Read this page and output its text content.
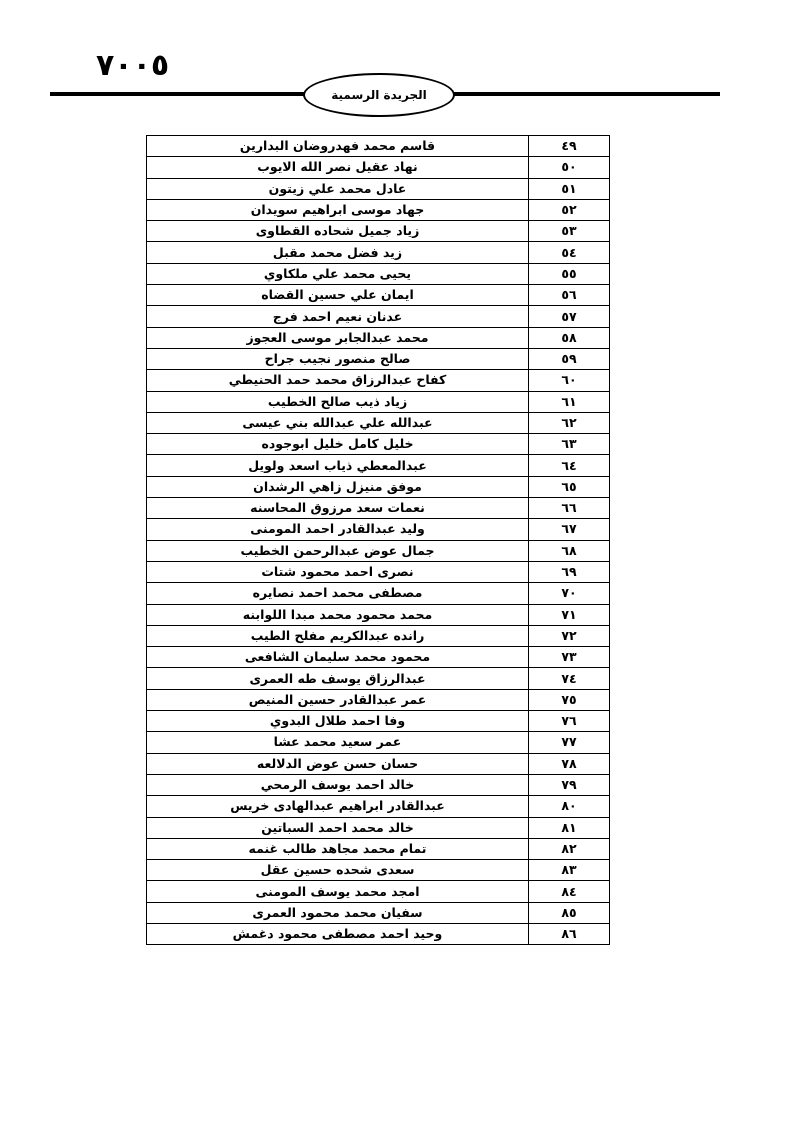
٧٠٠٥
الجريدة الرسمية
٤٩	قاسم محمد فهدروضان البدارين
٥٠	نهاد عقيل نصر الله الايوب
٥١	عادل محمد علي زيتون
٥٢	جهاد موسى ابراهيم سويدان
٥٣	زياد جميل شحاده القطاوى
٥٤	زيد فضل محمد مقبل
٥٥	يحيى محمد علي ملكاوي
٥٦	ايمان علي حسين القضاه
٥٧	عدنان نعيم احمد فرج
٥٨	محمد عبدالجابر موسى العجوز
٥٩	صالح منصور نجيب جراح
٦٠	كفاح عبدالرزاق محمد حمد الحنيطي
٦١	زياد ذيب صالح الخطيب
٦٢	عبدالله علي عبدالله بني عيسى
٦٣	خليل كامل خليل ابوجوده
٦٤	عبدالمعطي ذياب اسعد ولويل
٦٥	موفق منيزل زاهي الرشدان
٦٦	نعمات سعد مرزوق المحاسنه
٦٧	وليد عبدالقادر احمد المومنى
٦٨	جمال عوض عبدالرحمن الخطيب
٦٩	نصرى احمد محمود شتات
٧٠	مصطفى محمد احمد نصايره
٧١	محمد محمود محمد مبدا اللوابنه
٧٢	رانده عبدالكريم مفلح الطيب
٧٣	محمود محمد سليمان الشافعى
٧٤	عبدالرزاق يوسف طه العمرى
٧٥	عمر عبدالقادر حسين المنيص
٧٦	وفا احمد طلال البدوي
٧٧	عمر سعيد محمد عشا
٧٨	حسان حسن عوض الدلالعه
٧٩	خالد احمد يوسف الرمحي
٨٠	عبدالقادر ابراهيم عبدالهادى خريس
٨١	خالد محمد احمد السباتين
٨٢	تمام محمد مجاهد طالب غنمه
٨٣	سعدى شحده حسين عقل
٨٤	امجد محمد يوسف المومنى
٨٥	سفيان محمد محمود العمرى
٨٦	وحيد احمد مصطفى محمود دغمش
